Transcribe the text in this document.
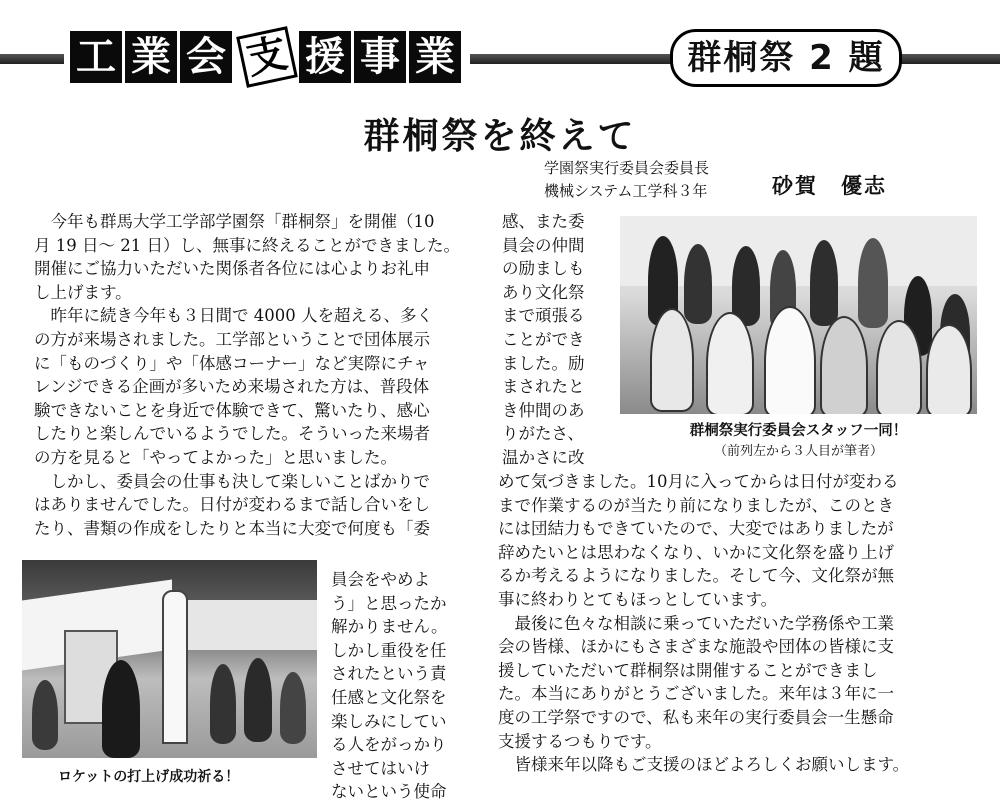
工 業 会 支 援 事 業	群桐祭 2 題
群桐祭を終えて
学園祭実行委員会委員長
機械システム工学科３年	砂賀　優志
　今年も群馬大学工学部学園祭「群桐祭」を開催（10
月 19 日〜 21 日）し、無事に終えることができました。
開催にご協力いただいた関係者各位には心よりお礼申
し上げます。
　昨年に続き今年も３日間で 4000 人を超える、多く
の方が来場されました。工学部ということで団体展示
に「ものづくり」や「体感コーナー」など実際にチャ
レンジできる企画が多いため来場された方は、普段体
験できないことを身近で体験できて、驚いたり、感心
したりと楽しんでいるようでした。そういった来場者
の方を見ると「やってよかった」と思いました。
　しかし、委員会の仕事も決して楽しいことばかりで
はありませんでした。日付が変わるまで話し合いをし
たり、書類の作成をしたりと本当に大変で何度も「委
員会をやめよ
う」と思ったか
解かりません。
しかし重役を任
されたという責
任感と文化祭を
楽しみにしてい
る人をがっかり
させてはいけ
ないという使命
感、また委
員会の仲間
の励ましも
あり文化祭
まで頑張る
ことができ
ました。励
まされたと
き仲間のあ
りがたさ、
温かさに改
めて気づきました。10月に入ってからは日付が変わる
まで作業するのが当たり前になりましたが、このとき
には団結力もできていたので、大変ではありましたが
辞めたいとは思わなくなり、いかに文化祭を盛り上げ
るか考えるようになりました。そして今、文化祭が無
事に終わりとてもほっとしています。
　最後に色々な相談に乗っていただいた学務係や工業
会の皆様、ほかにもさまざまな施設や団体の皆様に支
援していただいて群桐祭は開催することができまし
た。本当にありがとうございました。来年は３年に一
度の工学祭ですので、私も来年の実行委員会一生懸命
支援するつもりです。
　皆様来年以降もご支援のほどよろしくお願いします。
群桐祭実行委員会スタッフ一同！
（前列左から３人目が筆者）
ロケットの打上げ成功祈る！
